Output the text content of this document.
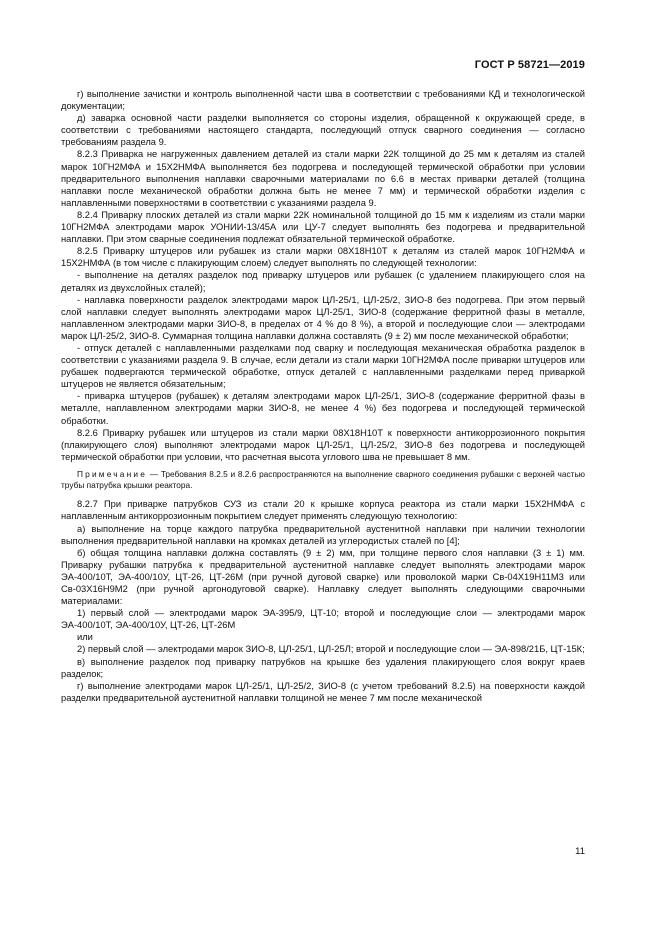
ГОСТ Р 58721—2019

г) выполнение зачистки и контроль выполненной части шва в соответствии с требованиями КД и технологической документации;

д) заварка основной части разделки выполняется со стороны изделия, обращенной к окружающей среде, в соответствии с требованиями настоящего стандарта, последующий отпуск сварного соединения — согласно требованиям раздела 9.

8.2.3 Приварка не нагруженных давлением деталей из стали марки 22К толщиной до 25 мм к деталям из сталей марок 10ГН2МФА и 15Х2НМФА выполняется без подогрева и последующей термической обработки при условии предварительного выполнения наплавки сварочными материалами по 6.6 в местах приварки деталей (толщина наплавки после механической обработки должна быть не менее 7 мм) и термической обработки изделия с наплавленными поверхностями в соответствии с указаниями раздела 9.

8.2.4 Приварку плоских деталей из стали марки 22К номинальной толщиной до 15 мм к изделиям из стали марки 10ГН2МФА электродами марок УОНИИ-13/45А или ЦУ-7 следует выполнять без подогрева и предварительной наплавки. При этом сварные соединения подлежат обязательной термической обработке.

8.2.5 Приварку штуцеров или рубашек из стали марки 08Х18Н10Т к деталям из сталей марок 10ГН2МФА и 15Х2НМФА (в том числе с плакирующим слоем) следует выполнять по следующей технологии:

- выполнение на деталях разделок под приварку штуцеров или рубашек (с удалением плакирующего слоя на деталях из двухслойных сталей);

- наплавка поверхности разделок электродами марок ЦЛ-25/1, ЦЛ-25/2, ЗИО-8 без подогрева. При этом первый слой наплавки следует выполнять электродами марок ЦЛ-25/1, ЗИО-8 (содержание ферритной фазы в металле, наплавленном электродами марки ЗИО-8, в пределах от 4 % до 8 %), а второй и последующие слои — электродами марок ЦЛ-25/2, ЗИО-8. Суммарная толщина наплавки должна составлять (9 ± 2) мм после механической обработки;

- отпуск деталей с наплавленными разделками под сварку и последующая механическая обработка разделок в соответствии с указаниями раздела 9. В случае, если детали из стали марки 10ГН2МФА после приварки штуцеров или рубашек подвергаются термической обработке, отпуск деталей с наплавленными разделками перед приваркой штуцеров не является обязательным;

- приварка штуцеров (рубашек) к деталям электродами марок ЦЛ-25/1, ЗИО-8 (содержание ферритной фазы в металле, наплавленном электродами марки ЗИО-8, не менее 4 %) без подогрева и последующей термической обработки.

8.2.6 Приварку рубашек или штуцеров из стали марки 08Х18Н10Т к поверхности антикоррозионного покрытия (плакирующего слоя) выполняют электродами марок ЦЛ-25/1, ЦЛ-25/2, ЗИО-8 без подогрева и последующей термической обработки при условии, что расчетная высота углового шва не превышает 8 мм.

Примечание — Требования 8.2.5 и 8.2.6 распространяются на выполнение сварного соединения рубашки с верхней частью трубы патрубка крышки реактора.

8.2.7 При приварке патрубков СУЗ из стали 20 к крышке корпуса реактора из стали марки 15Х2НМФА с наплавленным антикоррозионным покрытием следует применять следующую технологию:

а) выполнение на торце каждого патрубка предварительной аустенитной наплавки при наличии технологии выполнения предварительной наплавки на кромках деталей из углеродистых сталей по [4];

б) общая толщина наплавки должна составлять (9 ± 2) мм, при толщине первого слоя наплавки (3 ± 1) мм. Приварку рубашки патрубка к предварительной аустенитной наплавке следует выполнять электродами марок ЭА-400/10Т, ЭА-400/10У, ЦТ-26, ЦТ-26М (при ручной дуговой сварке) или проволокой марки Св-04Х19Н11М3 или Св-03Х16Н9М2 (при ручной аргонодуговой сварке). Наплавку следует выполнять следующими сварочными материалами:

1) первый слой — электродами марок ЭА-395/9, ЦТ-10; второй и последующие слои — электродами марок ЭА-400/10Т, ЭА-400/10У, ЦТ-26, ЦТ-26М

или

2) первый слой — электродами марок ЗИО-8, ЦЛ-25/1, ЦЛ-25Л; второй и последующие слои — ЭА-898/21Б, ЦТ-15К;

в) выполнение разделок под приварку патрубков на крышке без удаления плакирующего слоя вокруг краев разделок;

г) выполнение электродами марок ЦЛ-25/1, ЦЛ-25/2, ЗИО-8 (с учетом требований 8.2.5) на поверхности каждой разделки предварительной аустенитной наплавки толщиной не менее 7 мм после механической

11
